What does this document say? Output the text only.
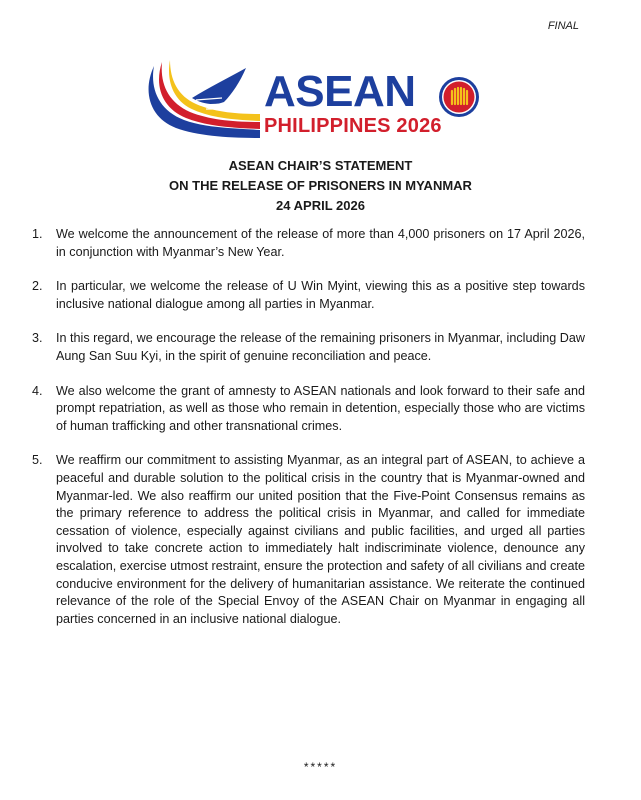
FINAL
ASEAN
PHILIPPINES 2026
ASEAN CHAIR’S STATEMENT
ON THE RELEASE OF PRISONERS IN MYANMAR
24 APRIL 2026
1.	We welcome the announcement of the release of more than 4,000 prisoners on 17 April 2026, in conjunction with Myanmar’s New Year.
2.	In particular, we welcome the release of U Win Myint, viewing this as a positive step towards inclusive national dialogue among all parties in Myanmar.
3.	In this regard, we encourage the release of the remaining prisoners in Myanmar, including Daw Aung San Suu Kyi, in the spirit of genuine reconciliation and peace.
4.	We also welcome the grant of amnesty to ASEAN nationals and look forward to their safe and prompt repatriation, as well as those who remain in detention, especially those who are victims of human trafficking and other transnational crimes.
5.	We reaffirm our commitment to assisting Myanmar, as an integral part of ASEAN, to achieve a peaceful and durable solution to the political crisis in the country that is Myanmar-owned and Myanmar-led. We also reaffirm our united position that the Five-Point Consensus remains as the primary reference to address the political crisis in Myanmar, and called for immediate cessation of violence, especially against civilians and public facilities, and urged all parties involved to take concrete action to immediately halt indiscriminate violence, denounce any escalation, exercise utmost restraint, ensure the protection and safety of all civilians and create conducive environment for the delivery of humanitarian assistance. We reiterate the continued relevance of the role of the Special Envoy of the ASEAN Chair on Myanmar in engaging all parties concerned in an inclusive national dialogue.
*****
